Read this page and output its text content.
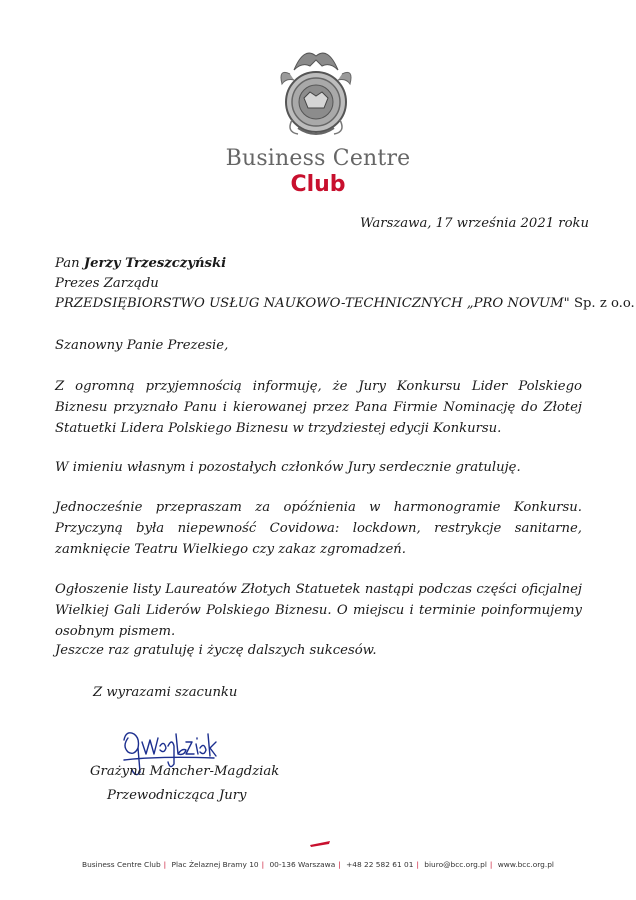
Business Centre
Club
Warszawa, 17 września 2021 roku
Pan Jerzy Trzeszczyński
Prezes Zarządu
PRZEDSIĘBIORSTWO USŁUG NAUKOWO-TECHNICZNYCH „PRO NOVUM" Sp. z o.o.
Szanowny Panie Prezesie,
Z ogromną przyjemnością informuję, że Jury Konkursu Lider Polskiego Biznesu przyznało Panu i kierowanej przez Pana Firmie Nominację do Złotej Statuetki Lidera Polskiego Biznesu w trzydziestej edycji Konkursu.
W imieniu własnym i pozostałych członków Jury serdecznie gratuluję.
Jednocześnie przepraszam za opóźnienia w harmonogramie Konkursu. Przyczyną była niepewność Covidowa: lockdown, restrykcje sanitarne, zamknięcie Teatru Wielkiego czy zakaz zgromadzeń.
Ogłoszenie listy Laureatów Złotych Statuetek nastąpi podczas części oficjalnej Wielkiej Gali Liderów Polskiego Biznesu. O miejscu i terminie poinformujemy osobnym pismem.
Jeszcze raz gratuluję i życzę dalszych sukcesów.
Z wyrazami szacunku
Grażyna Mancher-Magdziak
Przewodnicząca Jury
Business Centre Club | Plac Żelaznej Bramy 10 | 00-136 Warszawa | +48 22 582 61 01 | biuro@bcc.org.pl | www.bcc.org.pl
